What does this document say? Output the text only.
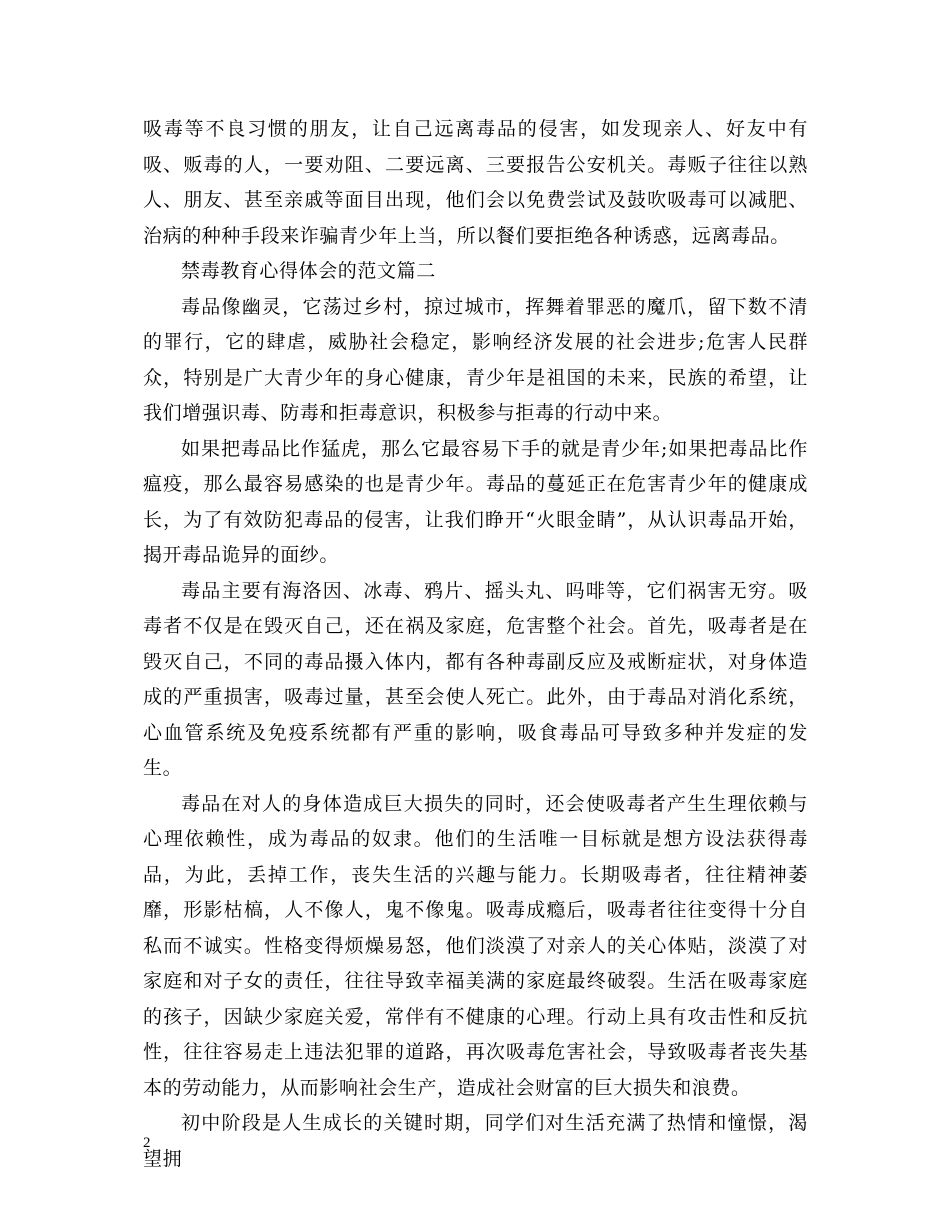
吸毒等不良习惯的朋友，让自己远离毒品的侵害，如发现亲人、好友中有吸、贩毒的人，一要劝阻、二要远离、三要报告公安机关。毒贩子往往以熟人、朋友、甚至亲戚等面目出现，他们会以免费尝试及鼓吹吸毒可以减肥、治病的种种手段来诈骗青少年上当，所以餐们要拒绝各种诱惑，远离毒品。

禁毒教育心得体会的范文篇二

毒品像幽灵，它荡过乡村，掠过城市，挥舞着罪恶的魔爪，留下数不清的罪行，它的肆虐，威胁社会稳定，影响经济发展的社会进步;危害人民群众，特别是广大青少年的身心健康，青少年是祖国的未来，民族的希望，让我们增强识毒、防毒和拒毒意识，积极参与拒毒的行动中来。

如果把毒品比作猛虎，那么它最容易下手的就是青少年;如果把毒品比作瘟疫，那么最容易感染的也是青少年。毒品的蔓延正在危害青少年的健康成长，为了有效防犯毒品的侵害，让我们睁开“火眼金睛”，从认识毒品开始，揭开毒品诡异的面纱。

毒品主要有海洛因、冰毒、鸦片、摇头丸、吗啡等，它们祸害无穷。吸毒者不仅是在毁灭自己，还在祸及家庭，危害整个社会。首先，吸毒者是在毁灭自己，不同的毒品摄入体内，都有各种毒副反应及戒断症状，对身体造成的严重损害，吸毒过量，甚至会使人死亡。此外，由于毒品对消化系统，心血管系统及免疫系统都有严重的影响，吸食毒品可导致多种并发症的发生。

毒品在对人的身体造成巨大损失的同时，还会使吸毒者产生生理依赖与心理依赖性，成为毒品的奴隶。他们的生活唯一目标就是想方设法获得毒品，为此，丢掉工作，丧失生活的兴趣与能力。长期吸毒者，往往精神萎靡，形影枯槁，人不像人，鬼不像鬼。吸毒成瘾后，吸毒者往往变得十分自私而不诚实。性格变得烦燥易怒，他们淡漠了对亲人的关心体贴，淡漠了对家庭和对子女的责任，往往导致幸福美满的家庭最终破裂。生活在吸毒家庭的孩子，因缺少家庭关爱，常伴有不健康的心理。行动上具有攻击性和反抗性，往往容易走上违法犯罪的道路，再次吸毒危害社会，导致吸毒者丧失基本的劳动能力，从而影响社会生产，造成社会财富的巨大损失和浪费。

初中阶段是人生成长的关键时期，同学们对生活充满了热情和憧憬，渴望拥

2
